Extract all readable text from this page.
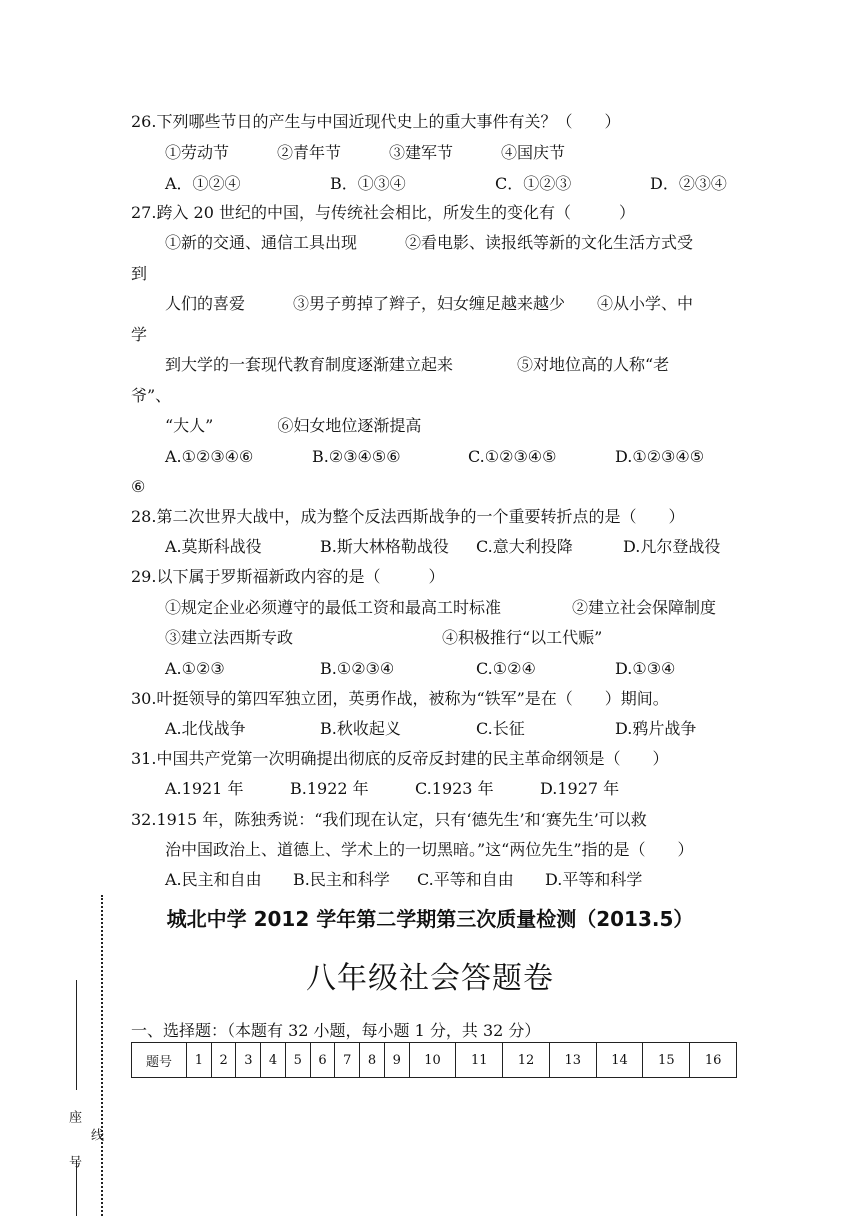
26.下列哪些节日的产生与中国近现代史上的重大事件有关？（　　）
①劳动节　　　②青年节　　　③建军节　　　④国庆节
A．①②④	B．①③④	C．①②③	D．②③④
27.跨入 20 世纪的中国，与传统社会相比，所发生的变化有（　　　）
①新的交通、通信工具出现　　　②看电影、读报纸等新的文化生活方式受
到
人们的喜爱　　　③男子剪掉了辫子，妇女缠足越来越少　　④从小学、中
学
到大学的一套现代教育制度逐渐建立起来　　　　⑤对地位高的人称“老
爷”、
“大人”　　　　⑥妇女地位逐渐提高
A.①②③④⑥	B.②③④⑤⑥	C.①②③④⑤	D.①②③④⑤
⑥
28.第二次世界大战中，成为整个反法西斯战争的一个重要转折点的是（　　）
A.莫斯科战役	B.斯大林格勒战役 C.意大利投降	D.凡尔登战役
29.以下属于罗斯福新政内容的是（　　　）
①规定企业必须遵守的最低工资和最高工时标准	②建立社会保障制度
③建立法西斯专政	④积极推行“以工代赈”
A.①②③	B.①②③④	C.①②④	D.①③④
30.叶挺领导的第四军独立团，英勇作战，被称为“铁军”是在（　　）期间。
A.北伐战争	B.秋收起义	C.长征	D.鸦片战争
31.中国共产党第一次明确提出彻底的反帝反封建的民主革命纲领是（　　）
A.1921 年	B.1922 年	C.1923 年	D.1927 年
32.1915 年，陈独秀说：“我们现在认定，只有‘德先生’和‘赛先生’可以救
治中国政治上、道德上、学术上的一切黑暗。”这“两位先生”指的是（　　）
A.民主和自由 B.民主和科学 C.平等和自由 D.平等和科学
城北中学 2012 学年第二学期第三次质量检测（2013.5）
八年级社会答题卷
一、选择题：（本题有 32 小题，每小题 1 分，共 32 分）
题号	1	2	3	4	5	6	7	8	9	10	11	12	13	14	15	16
座 号 线
